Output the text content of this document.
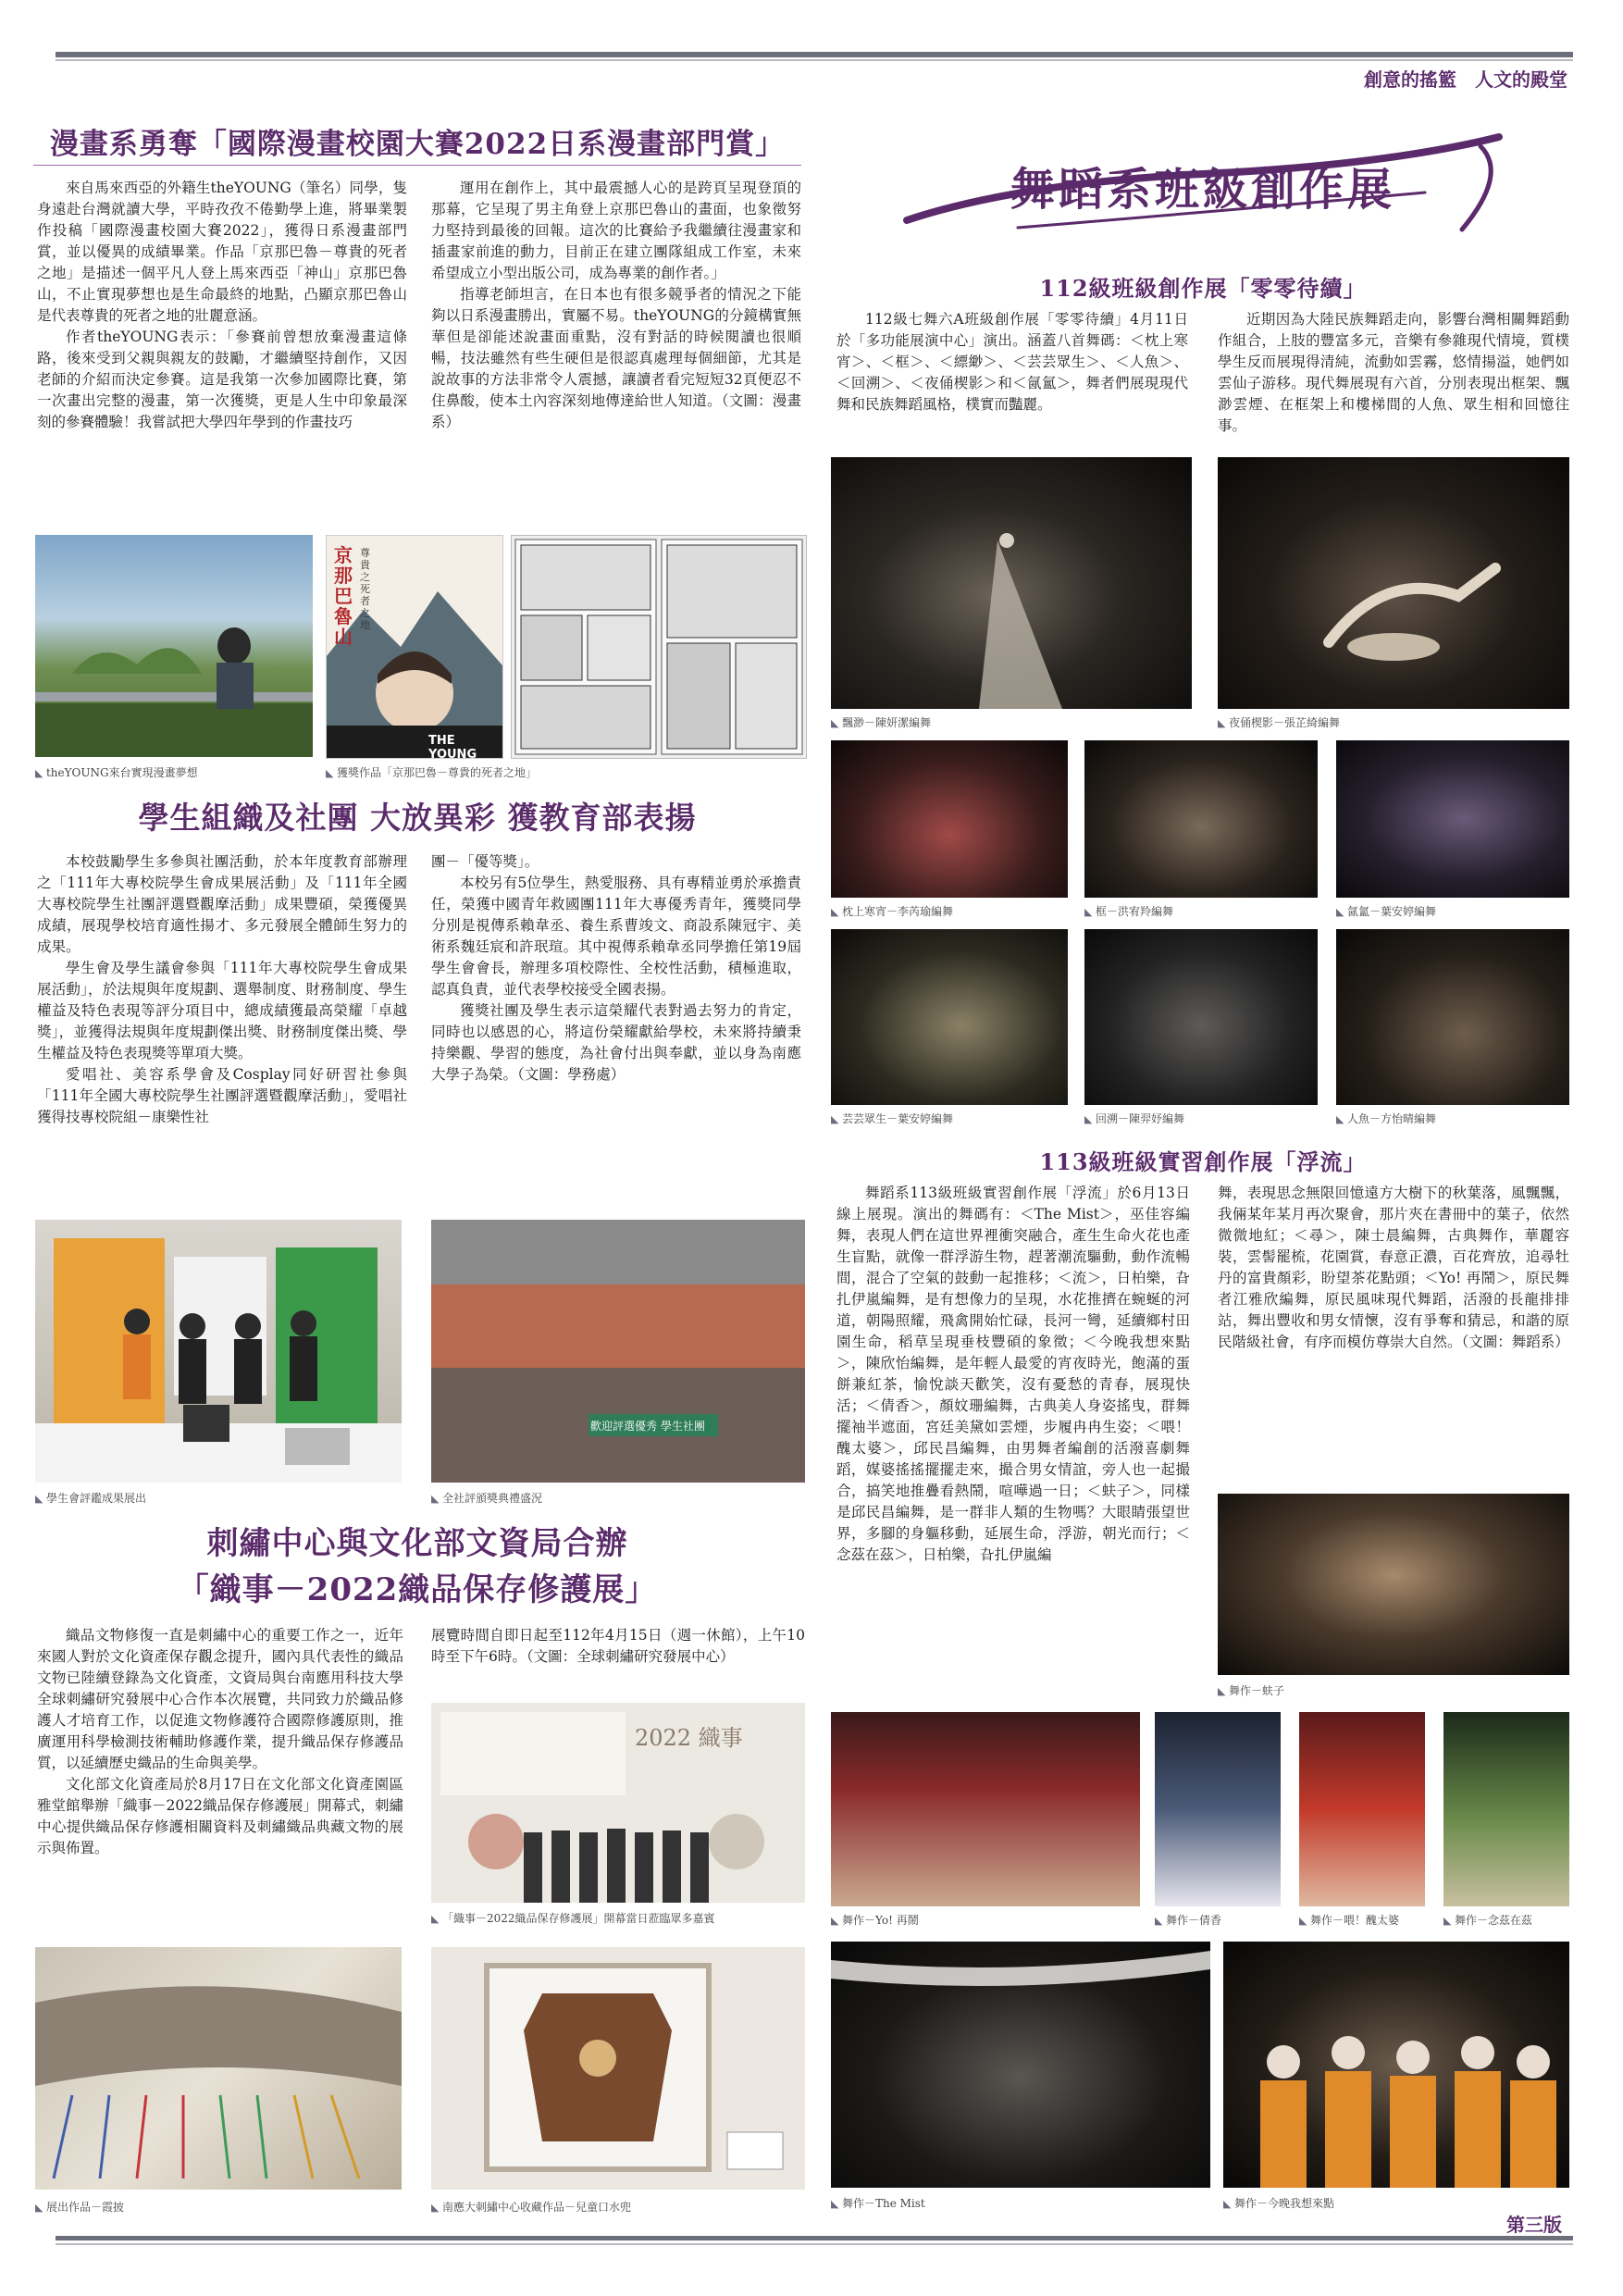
創意的搖籃　人文的殿堂
第三版
漫畫系勇奪「國際漫畫校園大賽2022日系漫畫部門賞」

來自馬來西亞的外籍生theYOUNG（筆名）同學，隻身遠赴台灣就讀大學，平時孜孜不倦勤學上進，將畢業製作投稿「國際漫畫校園大賽2022」，獲得日系漫畫部門賞，並以優異的成績畢業。作品「京那巴魯－尊貴的死者之地」是描述一個平凡人登上馬來西亞「神山」京那巴魯山，不止實現夢想也是生命最終的地點，凸顯京那巴魯山是代表尊貴的死者之地的壯麗意涵。

作者theYOUNG表示：「參賽前曾想放棄漫畫這條路，後來受到父親與親友的鼓勵，才繼續堅持創作，又因老師的介紹而決定參賽。這是我第一次參加國際比賽，第一次畫出完整的漫畫，第一次獲獎，更是人生中印象最深刻的參賽體驗！我嘗試把大學四年學到的作畫技巧

運用在創作上，其中最震撼人心的是跨頁呈現登頂的那幕，它呈現了男主角登上京那巴魯山的畫面，也象徵努力堅持到最後的回報。這次的比賽給予我繼續往漫畫家和插畫家前進的動力，目前正在建立團隊組成工作室，未來希望成立小型出版公司，成為專業的創作者。」

指導老師坦言，在日本也有很多競爭者的情況之下能夠以日系漫畫勝出，實屬不易。theYOUNG的分鏡構實無華但是卻能述說畫面重點，沒有對話的時候閱讀也很順暢，技法雖然有些生硬但是很認真處理每個細節，尤其是說故事的方法非常令人震撼，讓讀者看完短短32頁便忍不住鼻酸，使本土內容深刻地傳達給世人知道。（文圖：漫畫系）

京那巴魯山
尊貴之死者之地
THE YOUNG
◣ theYOUNG來台實現漫畫夢想	◣ 獲獎作品「京那巴魯－尊貴的死者之地」
學生組織及社團 大放異彩 獲教育部表揚

本校鼓勵學生多參與社團活動，於本年度教育部辦理之「111年大專校院學生會成果展活動」及「111年全國大專校院學生社團評選暨觀摩活動」成果豐碩，榮獲優異成績，展現學校培育適性揚才、多元發展全體師生努力的成果。

學生會及學生議會參與「111年大專校院學生會成果展活動」，於法規與年度規劃、選舉制度、財務制度、學生權益及特色表現等評分項目中，總成績獲最高榮耀「卓越獎」，並獲得法規與年度規劃傑出獎、財務制度傑出獎、學生權益及特色表現獎等單項大獎。

愛唱社、美容系學會及Cosplay同好研習社參與「111年全國大專校院學生社團評選暨觀摩活動」，愛唱社獲得技專校院組－康樂性社

團－「優等獎」。

本校另有5位學生，熱愛服務、具有專精並勇於承擔責任，榮獲中國青年救國團111年大專優秀青年，獲獎同學分別是視傳系賴韋丞、養生系曹竣文、商設系陳冠宇、美術系魏廷宸和許珉瑄。其中視傳系賴韋丞同學擔任第19屆學生會會長，辦理多項校際性、全校性活動，積極進取，認真負責，並代表學校接受全國表揚。

獲獎社團及學生表示這榮耀代表對過去努力的肯定，同時也以感恩的心，將這份榮耀獻給學校，未來將持續秉持樂觀、學習的態度，為社會付出與奉獻，並以身為南應大學子為榮。（文圖：學務處）

歡迎評選優秀 學生社團
◣ 學生會評鑑成果展出	◣ 全社評頒獎典禮盛況
刺繡中心與文化部文資局合辦
「織事－2022織品保存修護展」

織品文物修復一直是刺繡中心的重要工作之一，近年來國人對於文化資產保存觀念提升，國內具代表性的織品文物已陸續登錄為文化資產，文資局與台南應用科技大學全球刺繡研究發展中心合作本次展覽，共同致力於織品修護人才培育工作，以促進文物修護符合國際修護原則，推廣運用科學檢測技術輔助修護作業，提升織品保存修護品質，以延續歷史織品的生命與美學。

文化部文化資產局於8月17日在文化部文化資產園區雅堂館舉辦「織事－2022織品保存修護展」開幕式，刺繡中心提供織品保存修護相關資料及刺繡織品典藏文物的展示與佈置。

展覽時間自即日起至112年4月15日（週一休館），上午10時至下午6時。（文圖：全球刺繡研究發展中心）

2022 織事
◣ 「織事－2022織品保存修護展」開幕當日蒞臨眾多嘉賓
◣ 展出作品－霞披	◣ 南應大刺繡中心收藏作品－兒童口水兜
舞蹈系班級創作展
112級班級創作展「零零待續」

112級七舞六A班級創作展「零零待續」4月11日於「多功能展演中心」演出。涵蓋八首舞碼：＜枕上寒宵＞、＜框＞、＜縹緲＞、＜芸芸眾生＞、＜人魚＞、＜回溯＞、＜夜俑楔影＞和＜氤氳＞，舞者們展現現代舞和民族舞蹈風格，樸實而豔麗。

近期因為大陸民族舞蹈走向，影響台灣相關舞蹈動作組合，上肢的豐富多元，音樂有參雜現代情境，質樸學生反而展現得清純，流動如雲霧，悠情揚溢，她們如雲仙子游移。現代舞展現有六首，分別表現出框架、飄渺雲煙、在框架上和樓梯間的人魚、眾生相和回憶往事。

◣ 飄渺－陳妍潔編舞	◣ 夜俑楔影－張芷綺編舞
◣ 枕上寒宵－李芮瑜編舞	◣ 框－洪宥羚編舞	◣ 氤氳－葉安婷編舞
◣ 芸芸眾生－葉安婷編舞	◣ 回溯－陳羿妤編舞	◣ 人魚－方怡晴編舞
113級班級實習創作展「浮流」

舞蹈系113級班級實習創作展「浮流」於6月13日線上展現。演出的舞碼有：＜The Mist＞，巫佳容編舞，表現人們在這世界裡衝突融合，產生生命火花也產生盲點，就像一群浮游生物，趕著潮流驅動，動作流暢間，混合了空氣的鼓動一起推移；＜流＞，日柏樂，旮扎伊嵐編舞，是有想像力的呈現，水花推擠在蜿蜒的河道，朝陽照耀，飛禽開始忙碌，長河一彎，延續鄉村田園生命，稻草呈現垂枝豐碩的象徵；＜今晚我想來點＞，陳欣怡編舞，是年輕人最愛的宵夜時光，飽滿的蛋餅兼紅茶，愉悅談天歡笑，沒有憂愁的青春，展現快活；＜倩香＞，顏妏珊編舞，古典美人身姿搖曳，群舞擺袖半遮面，宮廷美黛如雲煙，步履冉冉生姿；＜喂！醜太婆＞，邱民昌編舞，由男舞者編創的活潑喜劇舞蹈，媒婆搖搖擺擺走來，撮合男女情誼，旁人也一起撮合，搞笑地推疊看熱鬧，喧嘩過一日；＜蚨子＞，同樣是邱民昌編舞，是一群非人類的生物嗎？大眼睛張望世界，多腳的身軀移動，延展生命，浮游，朝光而行；＜念茲在茲＞，日柏樂，旮扎伊嵐編

舞，表現思念無限回憶遠方大樹下的秋葉落，風飄飄，我倆某年某月再次聚會，那片夾在書冊中的葉子，依然微微地紅；＜尋＞，陳士晨編舞，古典舞作，華麗容裝，雲髻罷梳，花園賞，春意正濃，百花齊放，追尋牡丹的富貴顏彩，盼望茶花點頭；＜Yo! 再鬧＞，原民舞者江雅欣編舞，原民風味現代舞蹈，活潑的長龍排排站，舞出豐收和男女情懷，沒有爭奪和猜忌，和諧的原民階級社會，有序而模仿尊崇大自然。（文圖：舞蹈系）

◣ 舞作－蚨子
◣ 舞作－Yo! 再鬧	◣ 舞作－倩香	◣ 舞作－喂！醜太婆	◣ 舞作－念茲在茲
◣ 舞作－The Mist	◣ 舞作－今晚我想來點
